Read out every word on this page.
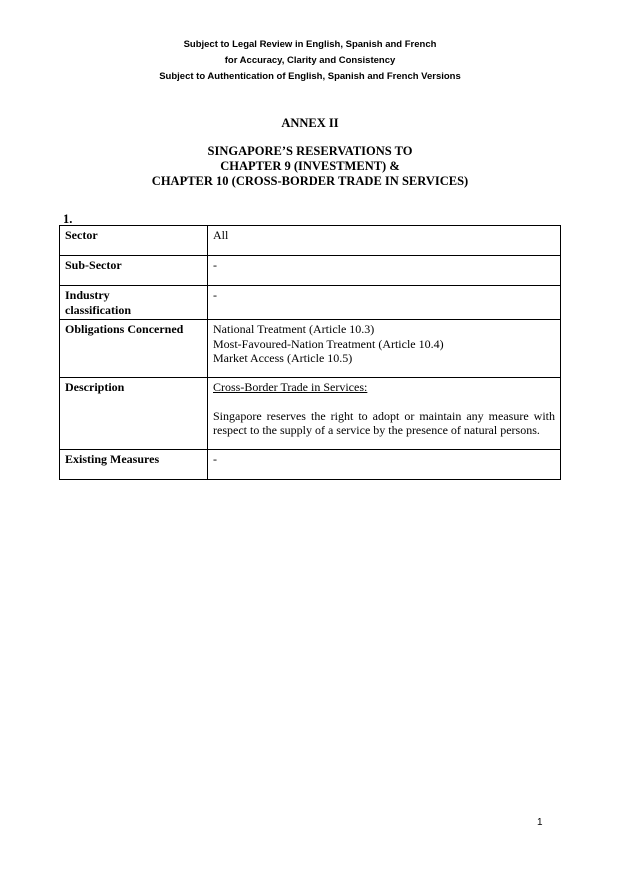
Subject to Legal Review in English, Spanish and French
for Accuracy, Clarity and Consistency
Subject to Authentication of English, Spanish and French Versions
ANNEX II
SINGAPORE’S RESERVATIONS TO
CHAPTER 9 (INVESTMENT) &
CHAPTER 10 (CROSS-BORDER TRADE IN SERVICES)
1.
Sector	All
Sub-Sector	-

Industry
classification	-
Obligations Concerned	National Treatment (Article 10.3)
Most-Favoured-Nation Treatment (Article 10.4)
Market Access (Article 10.5)

Description	Cross-Border Trade in Services:
Singapore reserves the right to adopt or maintain any measure with respect to the supply of a service by the presence of natural persons.

Existing Measures	-
1
